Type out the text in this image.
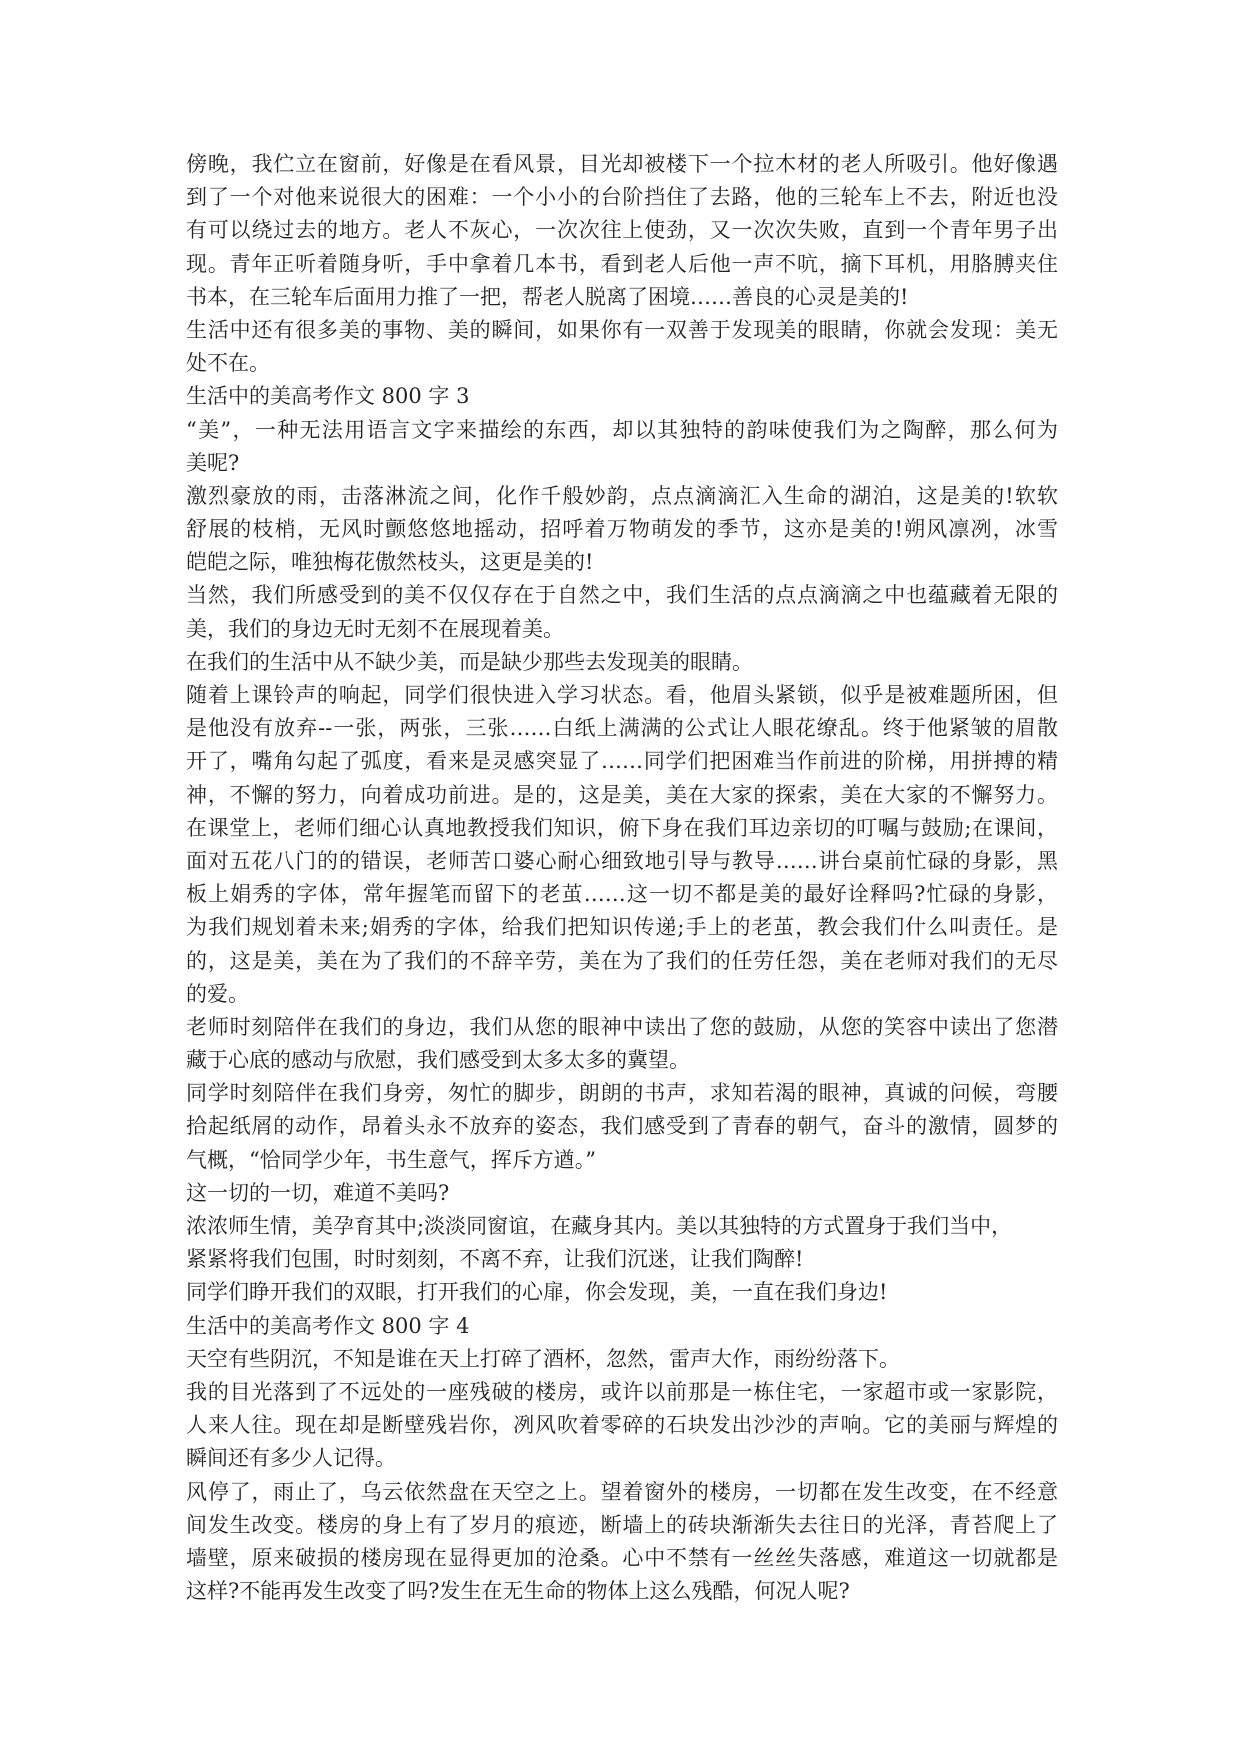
傍晚，我伫立在窗前，好像是在看风景，目光却被楼下一个拉木材的老人所吸引。他好像遇
到了一个对他来说很大的困难：一个小小的台阶挡住了去路，他的三轮车上不去，附近也没
有可以绕过去的地方。老人不灰心，一次次往上使劲，又一次次失败，直到一个青年男子出
现。青年正听着随身听，手中拿着几本书，看到老人后他一声不吭，摘下耳机，用胳膊夹住
书本，在三轮车后面用力推了一把，帮老人脱离了困境……善良的心灵是美的!
生活中还有很多美的事物、美的瞬间，如果你有一双善于发现美的眼睛，你就会发现：美无
处不在。
生活中的美高考作文 800 字 3
“美”，一种无法用语言文字来描绘的东西，却以其独特的韵味使我们为之陶醉，那么何为
美呢?
激烈豪放的雨，击落淋流之间，化作千般妙韵，点点滴滴汇入生命的湖泊，这是美的!软软
舒展的枝梢，无风时颤悠悠地摇动，招呼着万物萌发的季节，这亦是美的!朔风凛冽，冰雪
皑皑之际，唯独梅花傲然枝头，这更是美的!
当然，我们所感受到的美不仅仅存在于自然之中，我们生活的点点滴滴之中也蕴藏着无限的
美，我们的身边无时无刻不在展现着美。
在我们的生活中从不缺少美，而是缺少那些去发现美的眼睛。
随着上课铃声的响起，同学们很快进入学习状态。看，他眉头紧锁，似乎是被难题所困，但
是他没有放弃--一张，两张，三张……白纸上满满的公式让人眼花缭乱。终于他紧皱的眉散
开了，嘴角勾起了弧度，看来是灵感突显了……同学们把困难当作前进的阶梯，用拼搏的精
神，不懈的努力，向着成功前进。是的，这是美，美在大家的探索，美在大家的不懈努力。
在课堂上，老师们细心认真地教授我们知识，俯下身在我们耳边亲切的叮嘱与鼓励;在课间，
面对五花八门的的错误，老师苦口婆心耐心细致地引导与教导……讲台桌前忙碌的身影，黑
板上娟秀的字体，常年握笔而留下的老茧……这一切不都是美的最好诠释吗?忙碌的身影，
为我们规划着未来;娟秀的字体，给我们把知识传递;手上的老茧，教会我们什么叫责任。是
的，这是美，美在为了我们的不辞辛劳，美在为了我们的任劳任怨，美在老师对我们的无尽
的爱。
老师时刻陪伴在我们的身边，我们从您的眼神中读出了您的鼓励，从您的笑容中读出了您潜
藏于心底的感动与欣慰，我们感受到太多太多的冀望。
同学时刻陪伴在我们身旁，匆忙的脚步，朗朗的书声，求知若渴的眼神，真诚的问候，弯腰
拾起纸屑的动作，昂着头永不放弃的姿态，我们感受到了青春的朝气，奋斗的激情，圆梦的
气概，“恰同学少年，书生意气，挥斥方遒。”
这一切的一切，难道不美吗?
浓浓师生情，美孕育其中;淡淡同窗谊，在藏身其内。美以其独特的方式置身于我们当中，
紧紧将我们包围，时时刻刻，不离不弃，让我们沉迷，让我们陶醉!
同学们睁开我们的双眼，打开我们的心扉，你会发现，美，一直在我们身边!
生活中的美高考作文 800 字 4
天空有些阴沉，不知是谁在天上打碎了酒杯，忽然，雷声大作，雨纷纷落下。
我的目光落到了不远处的一座残破的楼房，或许以前那是一栋住宅，一家超市或一家影院，
人来人往。现在却是断壁残岩你，冽风吹着零碎的石块发出沙沙的声响。它的美丽与辉煌的
瞬间还有多少人记得。
风停了，雨止了，乌云依然盘在天空之上。望着窗外的楼房，一切都在发生改变，在不经意
间发生改变。楼房的身上有了岁月的痕迹，断墙上的砖块渐渐失去往日的光泽，青苔爬上了
墙壁，原来破损的楼房现在显得更加的沧桑。心中不禁有一丝丝失落感，难道这一切就都是
这样?不能再发生改变了吗?发生在无生命的物体上这么残酷，何况人呢?
